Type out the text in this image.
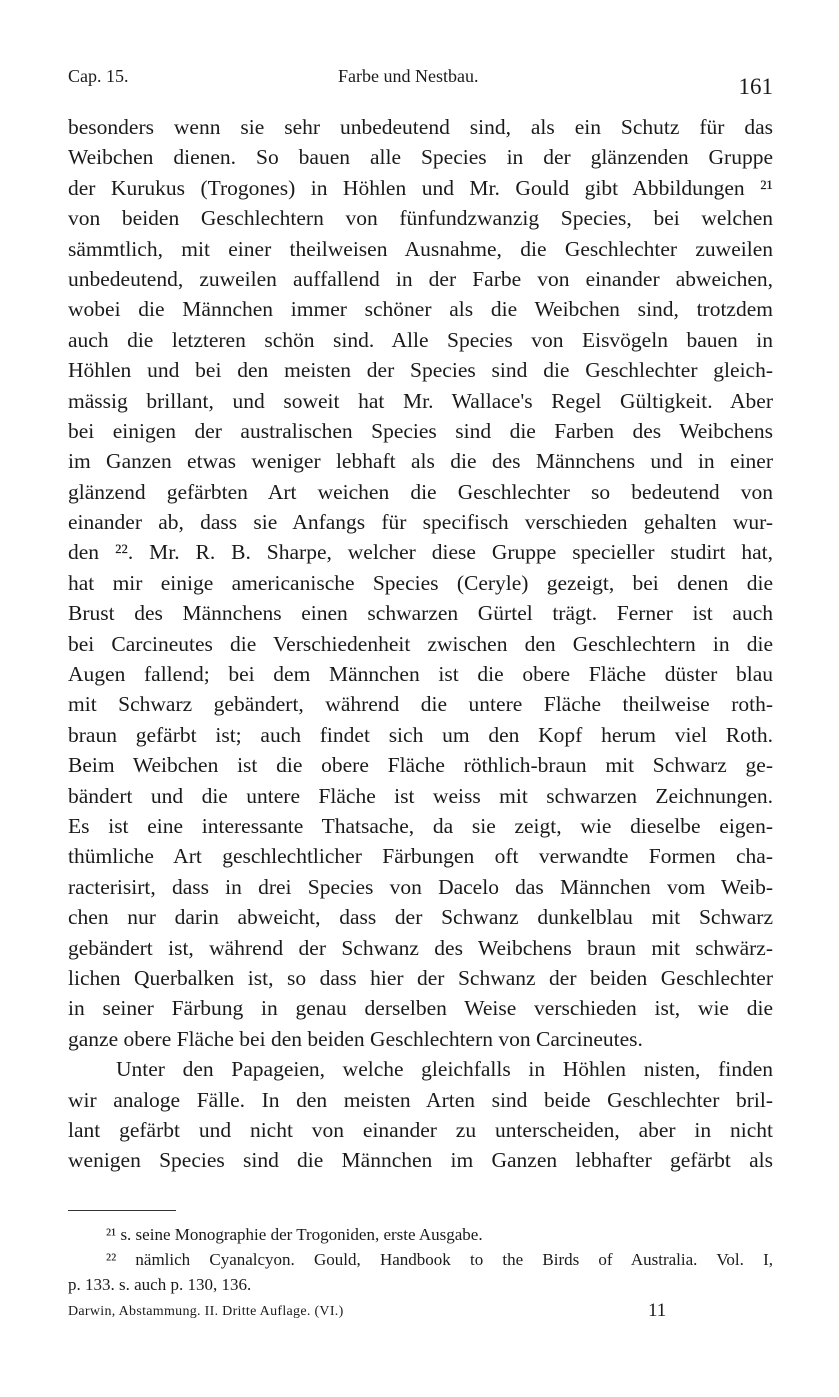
Cap. 15.	Farbe und Nestbau.	161
besonders wenn sie sehr unbedeutend sind, als ein Schutz für das
Weibchen dienen. So bauen alle Species in der glänzenden Gruppe
der Kurukus (Trogones) in Höhlen und Mr. Gould gibt Abbildungen ²¹
von beiden Geschlechtern von fünfundzwanzig Species, bei welchen
sämmtlich, mit einer theilweisen Ausnahme, die Geschlechter zuweilen
unbedeutend, zuweilen auffallend in der Farbe von einander abweichen,
wobei die Männchen immer schöner als die Weibchen sind, trotzdem
auch die letzteren schön sind. Alle Species von Eisvögeln bauen in
Höhlen und bei den meisten der Species sind die Geschlechter gleich-
mässig brillant, und soweit hat Mr. Wallace's Regel Gültigkeit. Aber
bei einigen der australischen Species sind die Farben des Weibchens
im Ganzen etwas weniger lebhaft als die des Männchens und in einer
glänzend gefärbten Art weichen die Geschlechter so bedeutend von
einander ab, dass sie Anfangs für specifisch verschieden gehalten wur-
den ²². Mr. R. B. Sharpe, welcher diese Gruppe specieller studirt hat,
hat mir einige americanische Species (Ceryle) gezeigt, bei denen die
Brust des Männchens einen schwarzen Gürtel trägt. Ferner ist auch
bei Carcineutes die Verschiedenheit zwischen den Geschlechtern in die
Augen fallend; bei dem Männchen ist die obere Fläche düster blau
mit Schwarz gebändert, während die untere Fläche theilweise roth-
braun gefärbt ist; auch findet sich um den Kopf herum viel Roth.
Beim Weibchen ist die obere Fläche röthlich-braun mit Schwarz ge-
bändert und die untere Fläche ist weiss mit schwarzen Zeichnungen.
Es ist eine interessante Thatsache, da sie zeigt, wie dieselbe eigen-
thümliche Art geschlechtlicher Färbungen oft verwandte Formen cha-
racterisirt, dass in drei Species von Dacelo das Männchen vom Weib-
chen nur darin abweicht, dass der Schwanz dunkelblau mit Schwarz
gebändert ist, während der Schwanz des Weibchens braun mit schwärz-
lichen Querbalken ist, so dass hier der Schwanz der beiden Geschlechter
in seiner Färbung in genau derselben Weise verschieden ist, wie die
ganze obere Fläche bei den beiden Geschlechtern von Carcineutes.
Unter den Papageien, welche gleichfalls in Höhlen nisten, finden
wir analoge Fälle. In den meisten Arten sind beide Geschlechter bril-
lant gefärbt und nicht von einander zu unterscheiden, aber in nicht
wenigen Species sind die Männchen im Ganzen lebhafter gefärbt als
²¹ s. seine Monographie der Trogoniden, erste Ausgabe.
²² nämlich Cyanalcyon. Gould, Handbook to the Birds of Australia. Vol. I,
p. 133. s. auch p. 130, 136.
Darwin, Abstammung. II. Dritte Auflage. (VI.)	11
